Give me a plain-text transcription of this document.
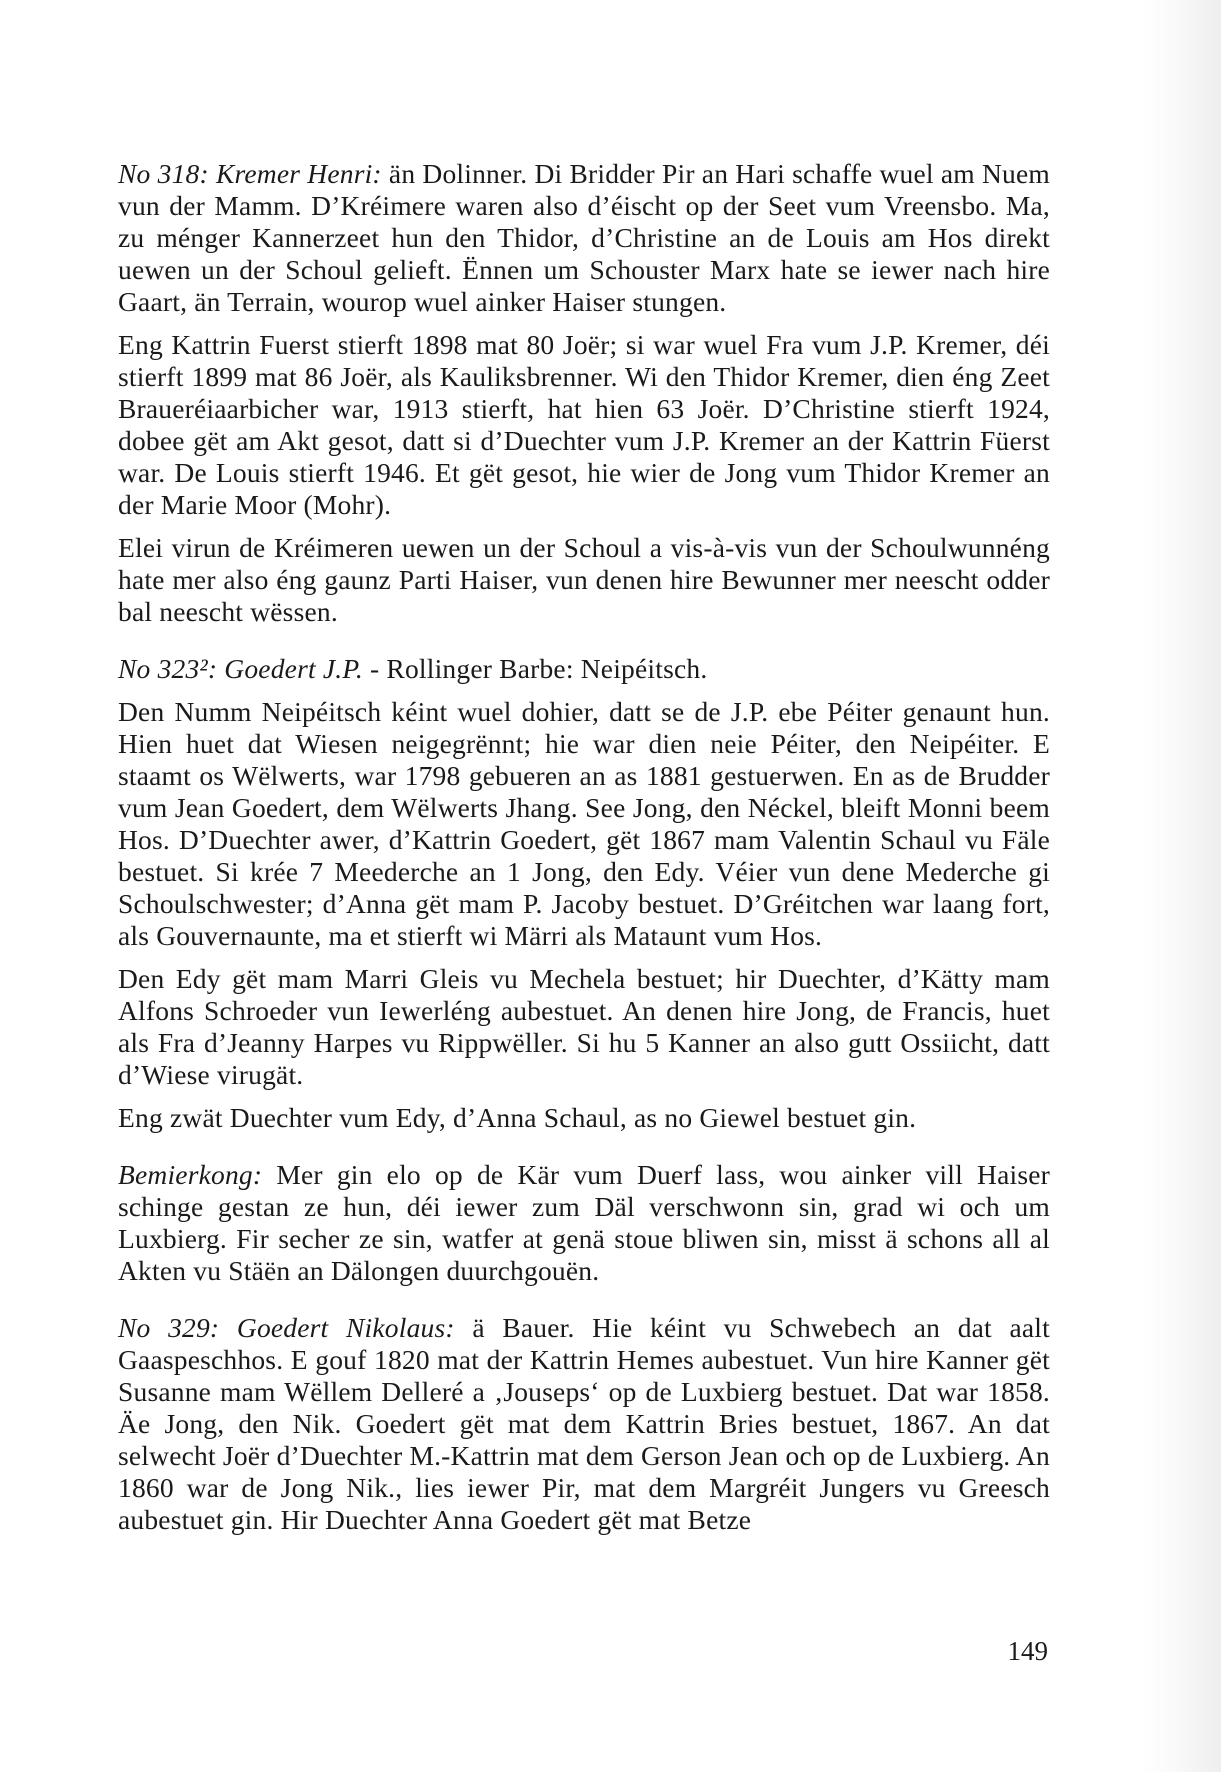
No 318: Kremer Henri: än Dolinner. Di Bridder Pir an Hari schaffe wuel am Nuem vun der Mamm. D’Kréimere waren also d’éischt op der Seet vum Vreensbo. Ma, zu ménger Kannerzeet hun den Thidor, d’Christine an de Louis am Hos direkt uewen un der Schoul gelieft. Ënnen um Schouster Marx hate se iewer nach hire Gaart, än Terrain, wourop wuel ainker Haiser stungen.

Eng Kattrin Fuerst stierft 1898 mat 80 Joër; si war wuel Fra vum J.P. Kremer, déi stierft 1899 mat 86 Joër, als Kauliksbrenner. Wi den Thidor Kremer, dien éng Zeet Braueréiaarbicher war, 1913 stierft, hat hien 63 Joër. D’Christine stierft 1924, dobee gët am Akt gesot, datt si d’Duechter vum J.P. Kremer an der Kattrin Füerst war. De Louis stierft 1946. Et gët gesot, hie wier de Jong vum Thidor Kremer an der Marie Moor (Mohr).

Elei virun de Kréimeren uewen un der Schoul a vis-à-vis vun der Schoulwunnéng hate mer also éng gaunz Parti Haiser, vun denen hire Bewunner mer neescht odder bal neescht wëssen.

No 323²: Goedert J.P. - Rollinger Barbe: Neipéitsch.

Den Numm Neipéitsch kéint wuel dohier, datt se de J.P. ebe Péiter genaunt hun. Hien huet dat Wiesen neigegrënnt; hie war dien neie Péiter, den Neipéiter. E staamt os Wëlwerts, war 1798 gebueren an as 1881 gestuerwen. En as de Brudder vum Jean Goedert, dem Wëlwerts Jhang. See Jong, den Néckel, bleift Monni beem Hos. D’Duechter awer, d’Kattrin Goedert, gët 1867 mam Valentin Schaul vu Fäle bestuet. Si krée 7 Meederche an 1 Jong, den Edy. Véier vun dene Mederche gi Schoulschwester; d’Anna gët mam P. Jacoby bestuet. D’Gréitchen war laang fort, als Gouvernaunte, ma et stierft wi Märri als Mataunt vum Hos.

Den Edy gët mam Marri Gleis vu Mechela bestuet; hir Duechter, d’Kätty mam Alfons Schroeder vun Iewerléng aubestuet. An denen hire Jong, de Francis, huet als Fra d’Jeanny Harpes vu Rippwëller. Si hu 5 Kanner an also gutt Ossiicht, datt d’Wiese virugät.

Eng zwät Duechter vum Edy, d’Anna Schaul, as no Giewel bestuet gin.

Bemierkong: Mer gin elo op de Kär vum Duerf lass, wou ainker vill Haiser schinge gestan ze hun, déi iewer zum Däl verschwonn sin, grad wi och um Luxbierg. Fir secher ze sin, watfer at genä stoue bliwen sin, misst ä schons all al Akten vu Stäën an Dälongen duurchgouën.

No 329: Goedert Nikolaus: ä Bauer. Hie kéint vu Schwebech an dat aalt Gaaspeschhos. E gouf 1820 mat der Kattrin Hemes aubestuet. Vun hire Kanner gët Susanne mam Wëllem Delleré a ‚Jouseps‘ op de Luxbierg bestuet. Dat war 1858. Äe Jong, den Nik. Goedert gët mat dem Kattrin Bries bestuet, 1867. An dat selwecht Joër d’Duechter M.-Kattrin mat dem Gerson Jean och op de Luxbierg. An 1860 war de Jong Nik., lies iewer Pir, mat dem Margréit Jungers vu Greesch aubestuet gin. Hir Duechter Anna Goedert gët mat Betze

149
